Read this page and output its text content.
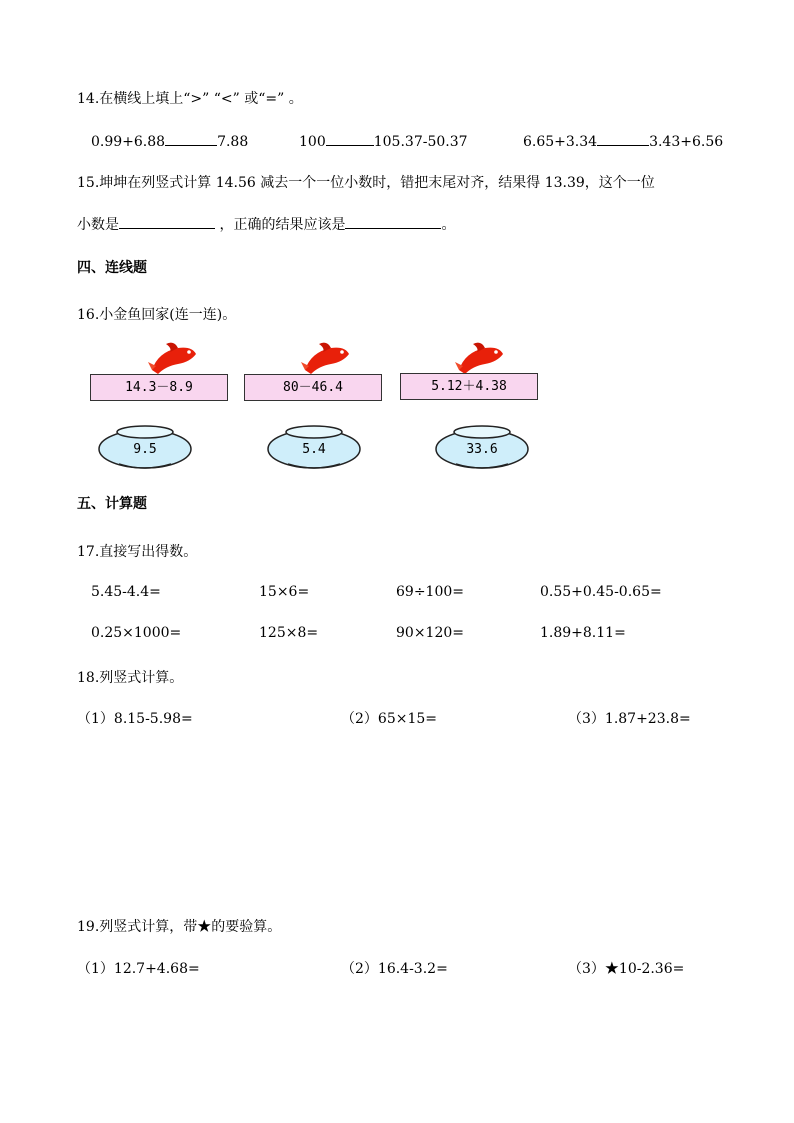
14.在横线上填上“>” “<” 或“=” 。
0.99+6.88	7.88	100	105.37-50.37	6.65+3.34	3.43+6.56
15.坤坤在列竖式计算 14.56 减去一个一位小数时，错把末尾对齐，结果得 13.39，这个一位
小数是	，正确的结果应该是	。
四、连线题
16.小金鱼回家(连一连)。
14.3－8.9	80－46.4	5.12＋4.38
9.5	5.4	33.6
五、计算题
17.直接写出得数。
5.45-4.4=	15×6=	69÷100=	0.55+0.45-0.65=
0.25×1000=	125×8=	90×120=	1.89+8.11=
18.列竖式计算。
（1）8.15-5.98=	（2）65×15=	（3）1.87+23.8=
19.列竖式计算，带★的要验算。
（1）12.7+4.68=	（2）16.4-3.2=	（3）★10-2.36=
